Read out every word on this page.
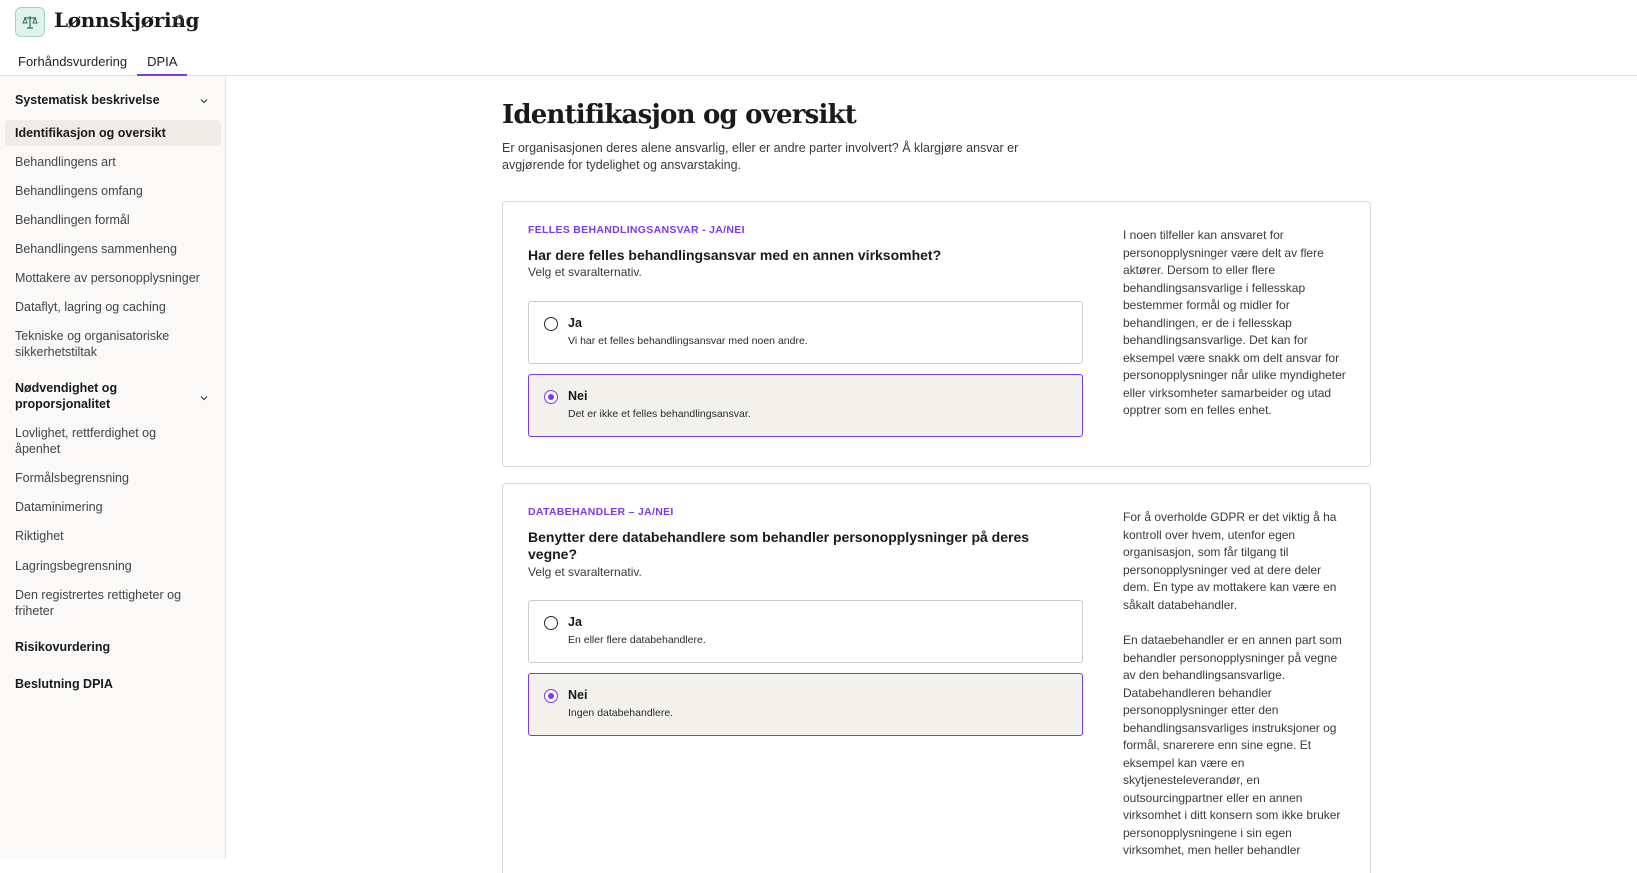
Lønnskjøring
Forhåndsvurdering	DPIA
Systematisk beskrivelse
Identifikasjon og oversikt
Behandlingens art
Behandlingens omfang
Behandlingen formål
Behandlingens sammenheng
Mottakere av personopplysninger
Dataflyt, lagring og caching
Tekniske og organisatoriske sikkerhetstiltak
Nødvendighet og proporsjonalitet
Lovlighet, rettferdighet og åpenhet
Formålsbegrensning
Dataminimering
Riktighet
Lagringsbegrensning
Den registrertes rettigheter og friheter
Risikovurdering
Beslutning DPIA
Identifikasjon og oversikt
Er organisasjonen deres alene ansvarlig, eller er andre parter involvert? Å klargjøre ansvar er avgjørende for tydelighet og ansvarstaking.
FELLES BEHANDLINGSANSVAR - JA/NEI
Har dere felles behandlingsansvar med en annen virksomhet?
Velg et svaralternativ.
Ja
Vi har et felles behandlingsansvar med noen andre.
Nei
Det er ikke et felles behandlingsansvar.
I noen tilfeller kan ansvaret for personopplysninger være delt av flere aktører. Dersom to eller flere behandlingsansvarlige i fellesskap bestemmer formål og midler for behandlingen, er de i fellesskap behandlingsansvarlige. Det kan for eksempel være snakk om delt ansvar for personopplysninger når ulike myndigheter eller virksomheter samarbeider og utad opptrer som en felles enhet.
DATABEHANDLER – JA/NEI
Benytter dere databehandlere som behandler personopplysninger på deres vegne?
Velg et svaralternativ.
Ja
En eller flere databehandlere.
Nei
Ingen databehandlere.
For å overholde GDPR er det viktig å ha kontroll over hvem, utenfor egen organisasjon, som får tilgang til personopplysninger ved at dere deler dem. En type av mottakere kan være en såkalt databehandler.
En dataebehandler er en annen part som behandler personopplysninger på vegne av den behandlingsansvarlige. Databehandleren behandler personopplysninger etter den behandlingsansvarliges instruksjoner og formål, snarerere enn sine egne. Et eksempel kan være en skytjenesteleverandør, en outsourcingpartner eller en annen virksomhet i ditt konsern som ikke bruker personopplysningene i sin egen virksomhet, men heller behandler
